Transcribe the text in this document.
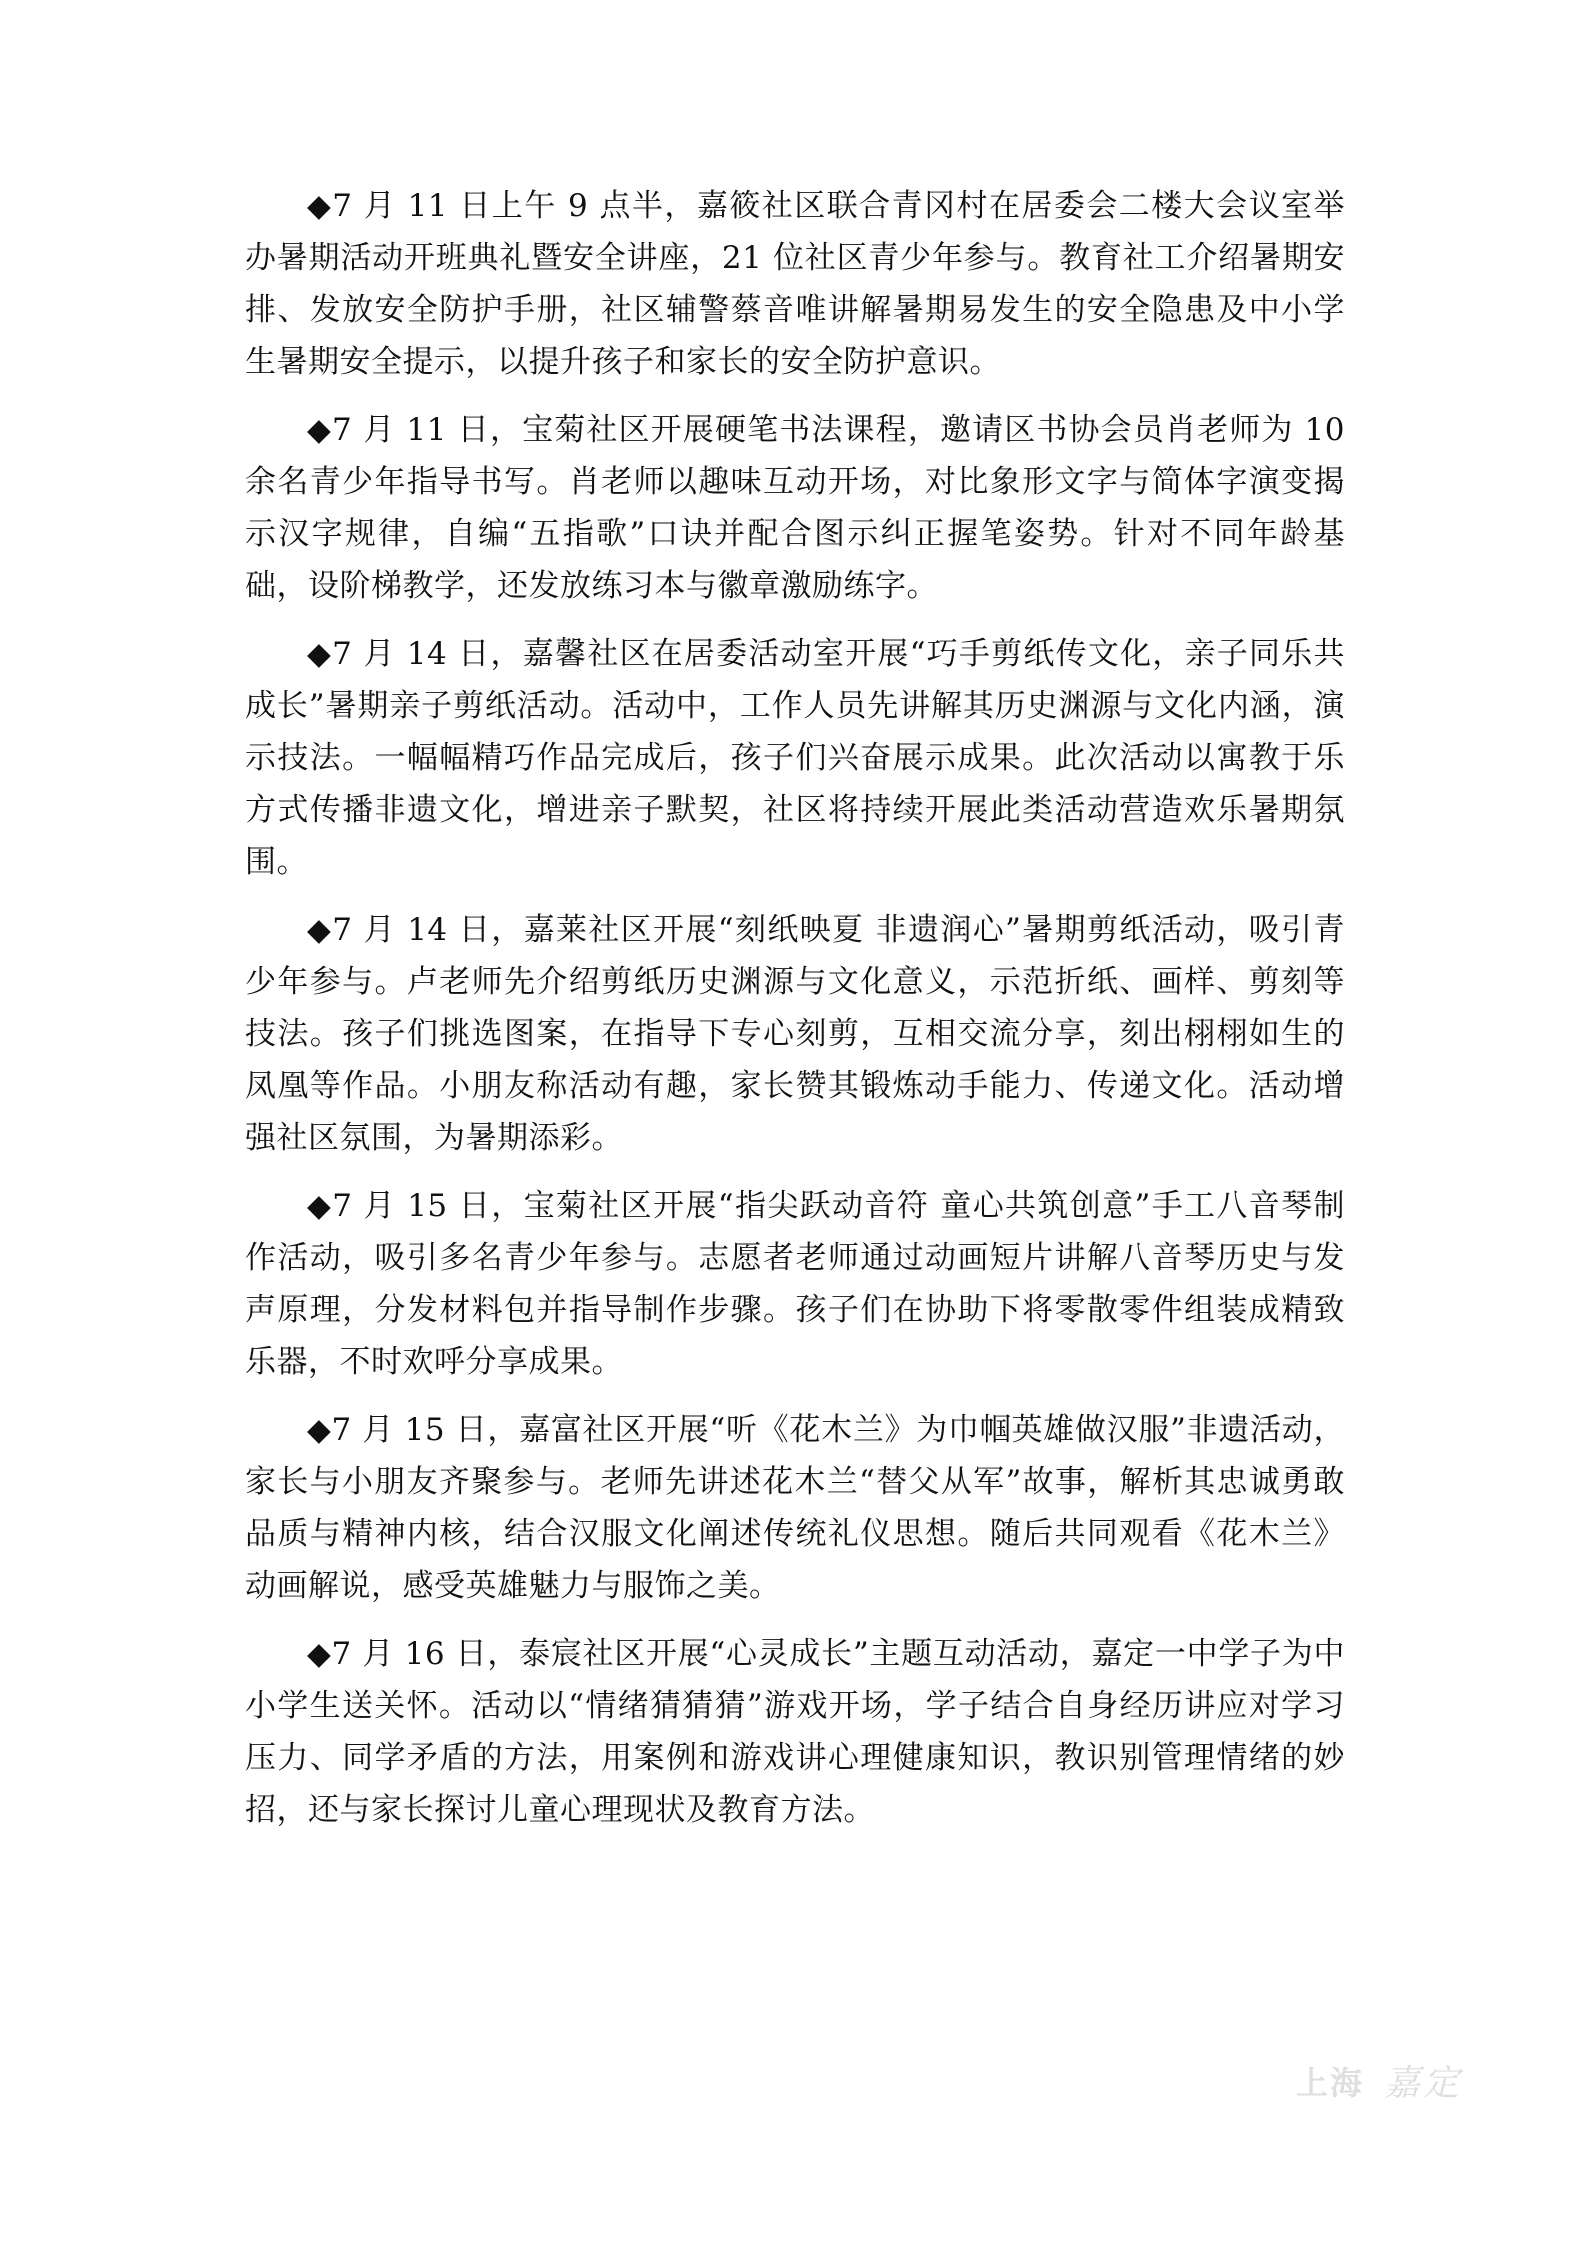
◆7 月 11 日上午 9 点半，嘉筱社区联合青冈村在居委会二楼大会议室举办暑期活动开班典礼暨安全讲座，21 位社区青少年参与。教育社工介绍暑期安排、发放安全防护手册，社区辅警蔡音唯讲解暑期易发生的安全隐患及中小学生暑期安全提示，以提升孩子和家长的安全防护意识。

◆7 月 11 日，宝菊社区开展硬笔书法课程，邀请区书协会员肖老师为 10 余名青少年指导书写。肖老师以趣味互动开场，对比象形文字与简体字演变揭示汉字规律，自编“五指歌”口诀并配合图示纠正握笔姿势。针对不同年龄基础，设阶梯教学，还发放练习本与徽章激励练字。

◆7 月 14 日，嘉馨社区在居委活动室开展“巧手剪纸传文化，亲子同乐共成长”暑期亲子剪纸活动。活动中，工作人员先讲解其历史渊源与文化内涵，演示技法。一幅幅精巧作品完成后，孩子们兴奋展示成果。此次活动以寓教于乐方式传播非遗文化，增进亲子默契，社区将持续开展此类活动营造欢乐暑期氛围。

◆7 月 14 日，嘉莱社区开展“刻纸映夏 非遗润心”暑期剪纸活动，吸引青少年参与。卢老师先介绍剪纸历史渊源与文化意义，示范折纸、画样、剪刻等技法。孩子们挑选图案，在指导下专心刻剪，互相交流分享，刻出栩栩如生的凤凰等作品。小朋友称活动有趣，家长赞其锻炼动手能力、传递文化。活动增强社区氛围，为暑期添彩。

◆7 月 15 日，宝菊社区开展“指尖跃动音符 童心共筑创意”手工八音琴制作活动，吸引多名青少年参与。志愿者老师通过动画短片讲解八音琴历史与发声原理，分发材料包并指导制作步骤。孩子们在协助下将零散零件组装成精致乐器，不时欢呼分享成果。

◆7 月 15 日，嘉富社区开展“听《花木兰》为巾帼英雄做汉服”非遗活动，家长与小朋友齐聚参与。老师先讲述花木兰“替父从军”故事，解析其忠诚勇敢品质与精神内核，结合汉服文化阐述传统礼仪思想。随后共同观看《花木兰》动画解说，感受英雄魅力与服饰之美。

◆7 月 16 日，泰宸社区开展“心灵成长”主题互动活动，嘉定一中学子为中小学生送关怀。活动以“情绪猜猜猜”游戏开场，学子结合自身经历讲应对学习压力、同学矛盾的方法，用案例和游戏讲心理健康知识，教识别管理情绪的妙招，还与家长探讨儿童心理现状及教育方法。

上海 嘉定
